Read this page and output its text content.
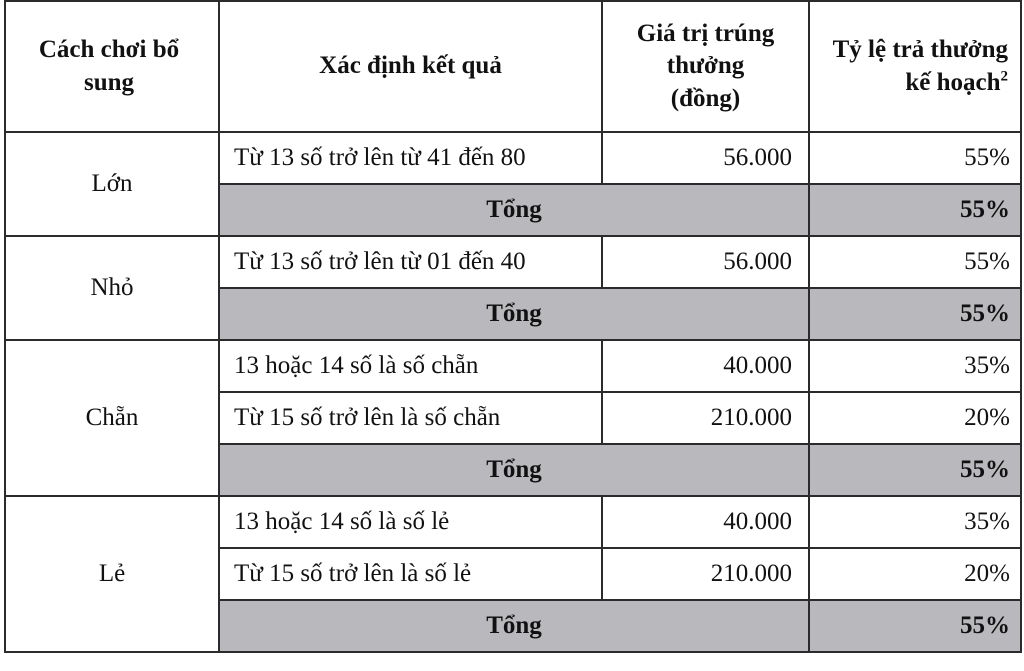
Cách chơi bổ sung	Xác định kết quả	Giá trị trúng thưởng (đồng)	Tỷ lệ trả thưởng kế hoạch$^2$
Lớn	Từ 13 số trở lên từ 41 đến 80	56.000	55%
	Tổng		55%
Nhỏ	Từ 13 số trở lên từ 01 đến 40	56.000	55%
	Tổng		55%
Chẵn	13 hoặc 14 số là số chẵn	40.000	35%
	Từ 15 số trở lên là số chẵn	210.000	20%
	Tổng		55%
Lẻ	13 hoặc 14 số là số lẻ	40.000	35%
	Từ 15 số trở lên là số lẻ	210.000	20%
	Tổng		55%
